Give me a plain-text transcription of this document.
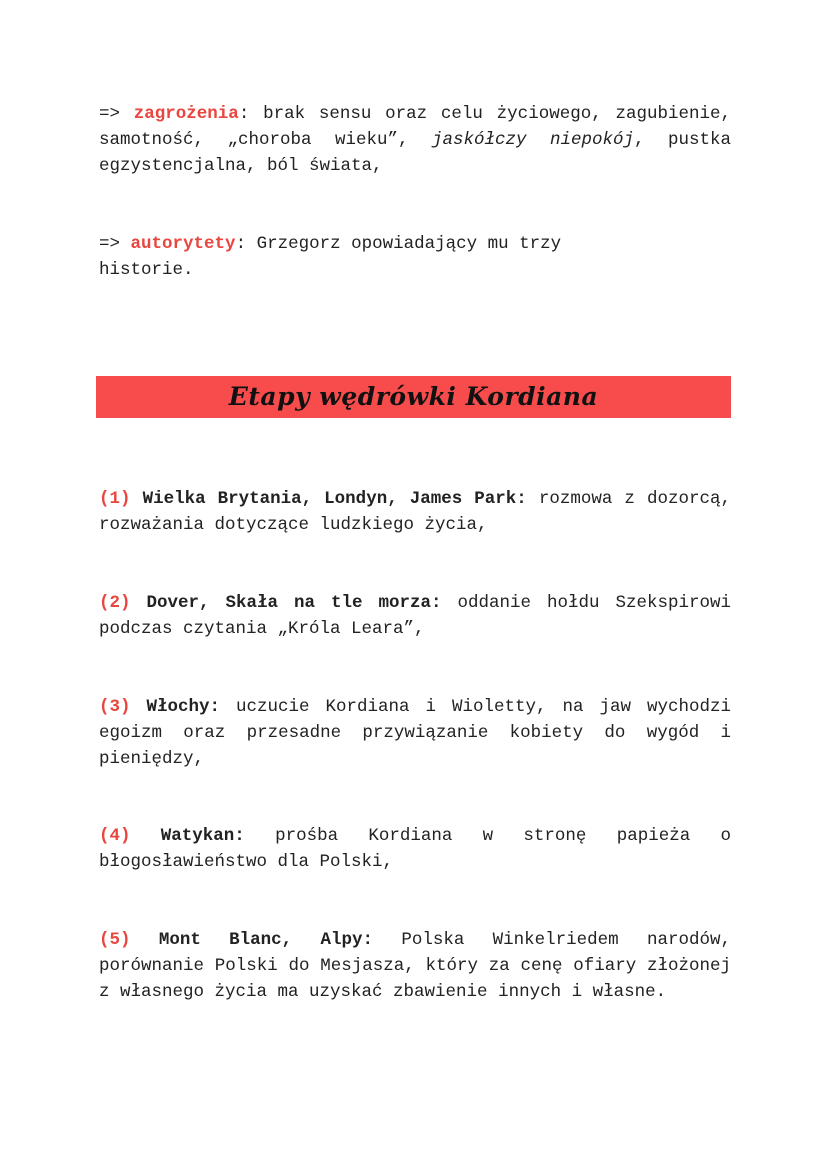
=> zagrożenia: brak sensu oraz celu życiowego, zagubienie, samotność, „choroba wieku”, jaskółczy niepokój, pustka egzystencjalna, ból świata,

=> autorytety: Grzegorz opowiadający mu trzy historie.

Etapy wędrówki Kordiana

(1) Wielka Brytania, Londyn, James Park: rozmowa z dozorcą, rozważania dotyczące ludzkiego życia,

(2) Dover, Skała na tle morza: oddanie hołdu Szekspirowi podczas czytania „Króla Leara”,

(3) Włochy: uczucie Kordiana i Wioletty, na jaw wychodzi egoizm oraz przesadne przywiązanie kobiety do wygód i pieniędzy,

(4) Watykan: prośba Kordiana w stronę papieża o błogosławieństwo dla Polski,

(5) Mont Blanc, Alpy: Polska Winkelriedem narodów, porównanie Polski do Mesjasza, który za cenę ofiary złożonej z własnego życia ma uzyskać zbawienie innych i własne.
